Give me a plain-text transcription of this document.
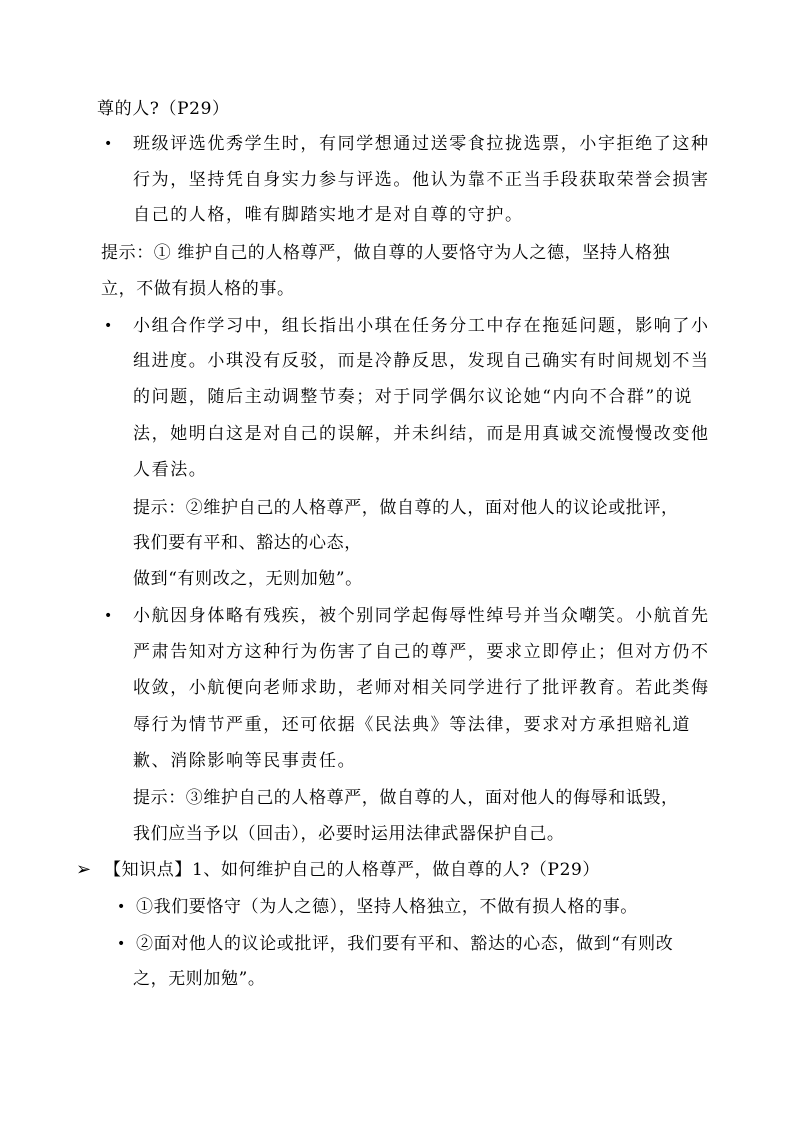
尊的人?（P29）
• 班级评选优秀学生时，有同学想通过送零食拉拢选票，小宇拒绝了这种
行为，坚持凭自身实力参与评选。他认为靠不正当手段获取荣誉会损害
自己的人格，唯有脚踏实地才是对自尊的守护。
提示：① 维护自己的人格尊严，做自尊的人要恪守为人之德，坚持人格独
立，不做有损人格的事。
• 小组合作学习中，组长指出小琪在任务分工中存在拖延问题，影响了小
组进度。小琪没有反驳，而是冷静反思，发现自己确实有时间规划不当
的问题，随后主动调整节奏；对于同学偶尔议论她“内向不合群”的说
法，她明白这是对自己的误解，并未纠结，而是用真诚交流慢慢改变他
人看法。
提示：②维护自己的人格尊严，做自尊的人，面对他人的议论或批评，
我们要有平和、豁达的心态，
做到“有则改之，无则加勉”。
• 小航因身体略有残疾，被个别同学起侮辱性绰号并当众嘲笑。小航首先
严肃告知对方这种行为伤害了自己的尊严，要求立即停止；但对方仍不
收敛，小航便向老师求助，老师对相关同学进行了批评教育。若此类侮
辱行为情节严重，还可依据《民法典》等法律，要求对方承担赔礼道
歉、消除影响等民事责任。
提示：③维护自己的人格尊严，做自尊的人，面对他人的侮辱和诋毁，
我们应当予以（回击），必要时运用法律武器保护自己。
➢ 【知识点】1、如何维护自己的人格尊严，做自尊的人?（P29）
• ①我们要恪守（为人之德），坚持人格独立，不做有损人格的事。
• ②面对他人的议论或批评，我们要有平和、豁达的心态，做到“有则改
之，无则加勉”。
